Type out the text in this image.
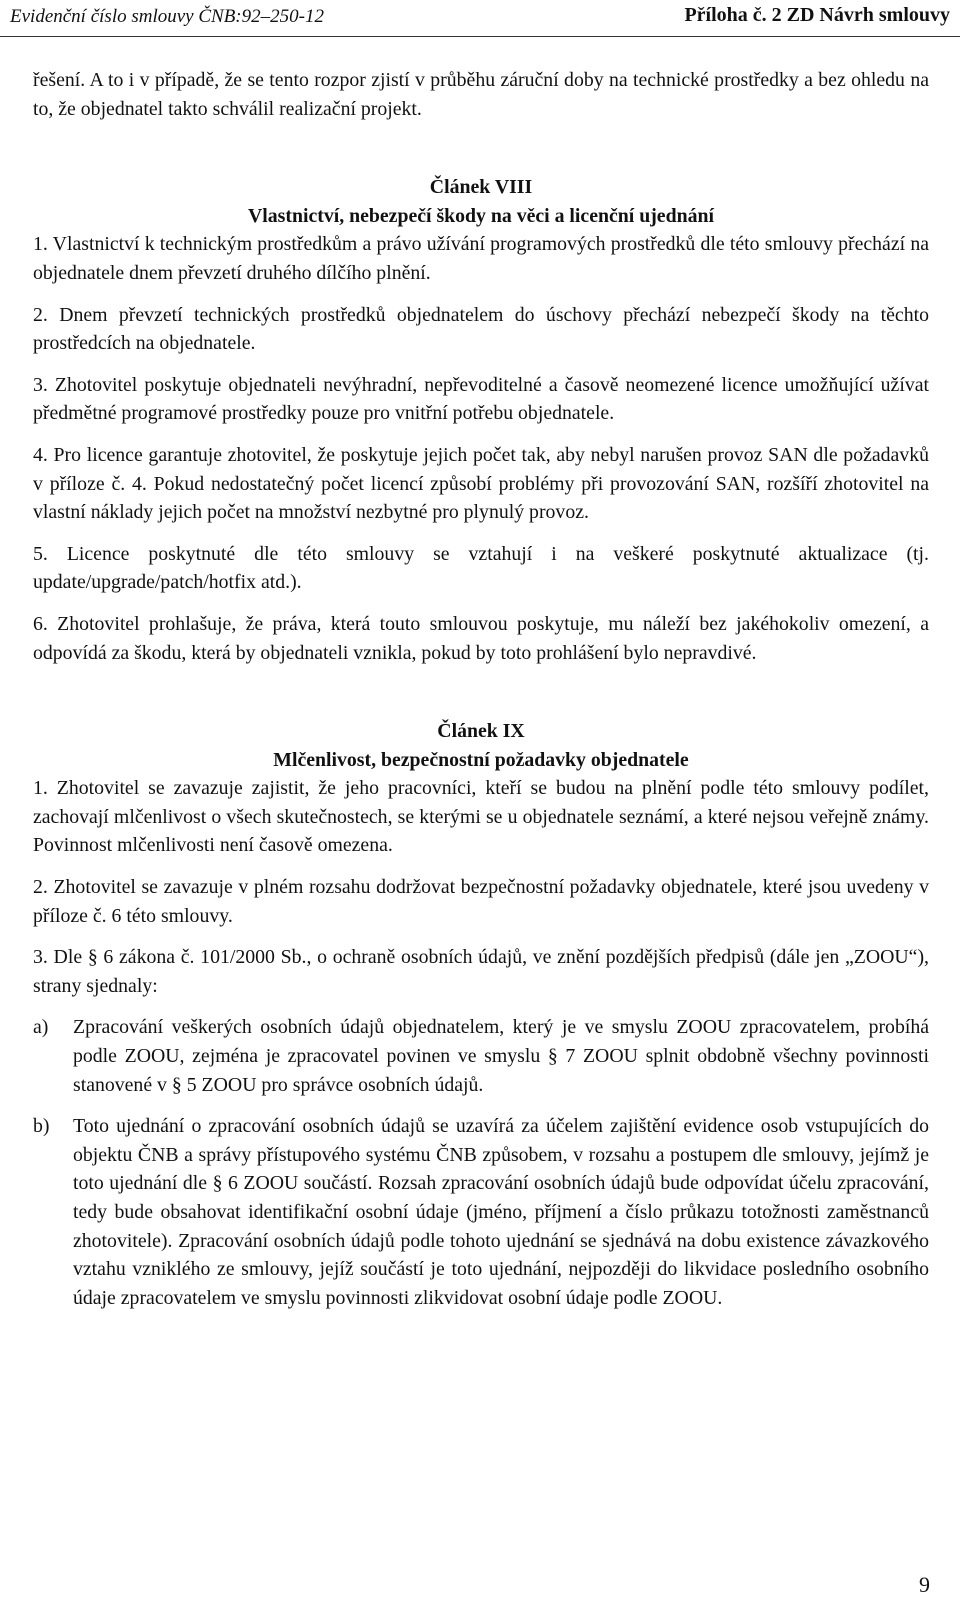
Evidenční číslo smlouvy ČNB:92–250-12	Příloha č. 2 ZD Návrh smlouvy

řešení. A to i v případě, že se tento rozpor zjistí v průběhu záruční doby na technické prostředky a bez ohledu na to, že objednatel takto schválil realizační projekt.

Článek VIII
Vlastnictví, nebezpečí škody na věci a licenční ujednání

1. Vlastnictví k technickým prostředkům a právo užívání programových prostředků dle této smlouvy přechází na objednatele dnem převzetí druhého dílčího plnění.

2. Dnem převzetí technických prostředků objednatelem do úschovy přechází nebezpečí škody na těchto prostředcích na objednatele.

3. Zhotovitel poskytuje objednateli nevýhradní, nepřevoditelné a časově neomezené licence umožňující užívat předmětné programové prostředky pouze pro vnitřní potřebu objednatele.

4. Pro licence garantuje zhotovitel, že poskytuje jejich počet tak, aby nebyl narušen provoz SAN dle požadavků v příloze č. 4. Pokud nedostatečný počet licencí způsobí problémy při provozování SAN, rozšíří zhotovitel na vlastní náklady jejich počet na množství nezbytné pro plynulý provoz.

5. Licence poskytnuté dle této smlouvy se vztahují i na veškeré poskytnuté aktualizace (tj. update/upgrade/patch/hotfix atd.).

6. Zhotovitel prohlašuje, že práva, která touto smlouvou poskytuje, mu náleží bez jakéhokoliv omezení, a odpovídá za škodu, která by objednateli vznikla, pokud by toto prohlášení bylo nepravdivé.

Článek IX
Mlčenlivost, bezpečnostní požadavky objednatele

1. Zhotovitel se zavazuje zajistit, že jeho pracovníci, kteří se budou na plnění podle této smlouvy podílet, zachovají mlčenlivost o všech skutečnostech, se kterými se u objednatele seznámí, a které nejsou veřejně známy. Povinnost mlčenlivosti není časově omezena.

2. Zhotovitel se zavazuje v plném rozsahu dodržovat bezpečnostní požadavky objednatele, které jsou uvedeny v příloze č. 6 této smlouvy.

3. Dle § 6 zákona č. 101/2000 Sb., o ochraně osobních údajů, ve znění pozdějších předpisů (dále jen „ZOOU“), strany sjednaly:

a)	Zpracování veškerých osobních údajů objednatelem, který je ve smyslu ZOOU zpracovatelem, probíhá podle ZOOU, zejména je zpracovatel povinen ve smyslu § 7 ZOOU splnit obdobně všechny povinnosti stanovené v § 5 ZOOU pro správce osobních údajů.
b)	Toto ujednání o zpracování osobních údajů se uzavírá za účelem zajištění evidence osob vstupujících do objektu ČNB a správy přístupového systému ČNB způsobem, v rozsahu a postupem dle smlouvy, jejímž je toto ujednání dle § 6 ZOOU součástí. Rozsah zpracování osobních údajů bude odpovídat účelu zpracování, tedy bude obsahovat identifikační osobní údaje (jméno, příjmení a číslo průkazu totožnosti zaměstnanců zhotovitele). Zpracování osobních údajů podle tohoto ujednání se sjednává na dobu existence závazkového vztahu vzniklého ze smlouvy, jejíž součástí je toto ujednání, nejpozději do likvidace posledního osobního údaje zpracovatelem ve smyslu povinnosti zlikvidovat osobní údaje podle ZOOU.
9
